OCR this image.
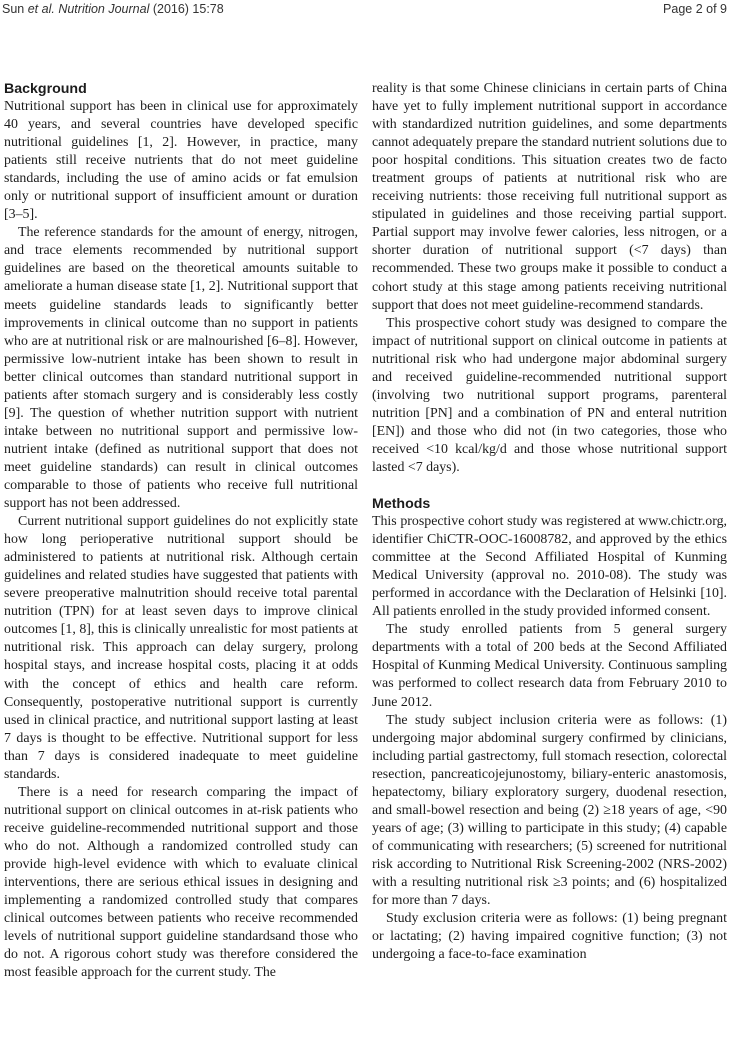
Sun et al. Nutrition Journal (2016) 15:78	Page 2 of 9
Background

Nutritional support has been in clinical use for approximately 40 years, and several countries have developed specific nutritional guidelines [1, 2]. However, in practice, many patients still receive nutrients that do not meet guideline standards, including the use of amino acids or fat emulsion only or nutritional support of insufficient amount or duration [3–5].

The reference standards for the amount of energy, nitrogen, and trace elements recommended by nutritional support guidelines are based on the theoretical amounts suitable to ameliorate a human disease state [1, 2]. Nutritional support that meets guideline standards leads to significantly better improvements in clinical outcome than no support in patients who are at nutritional risk or are malnourished [6–8]. However, permissive low-nutrient intake has been shown to result in better clinical outcomes than standard nutritional support in patients after stomach surgery and is considerably less costly [9]. The question of whether nutrition support with nutrient intake between no nutritional support and permissive low-nutrient intake (defined as nutritional support that does not meet guideline standards) can result in clinical outcomes comparable to those of patients who receive full nutritional support has not been addressed.

Current nutritional support guidelines do not explicitly state how long perioperative nutritional support should be administered to patients at nutritional risk. Although certain guidelines and related studies have suggested that patients with severe preoperative malnutrition should receive total parental nutrition (TPN) for at least seven days to improve clinical outcomes [1, 8], this is clinically unrealistic for most patients at nutritional risk. This approach can delay surgery, prolong hospital stays, and increase hospital costs, placing it at odds with the concept of ethics and health care reform. Consequently, postoperative nutritional support is currently used in clinical practice, and nutritional support lasting at least 7 days is thought to be effective. Nutritional support for less than 7 days is considered inadequate to meet guideline standards.

There is a need for research comparing the impact of nutritional support on clinical outcomes in at-risk patients who receive guideline-recommended nutritional support and those who do not. Although a randomized controlled study can provide high-level evidence with which to evaluate clinical interventions, there are serious ethical issues in designing and implementing a randomized controlled study that compares clinical outcomes between patients who receive recommended levels of nutritional support guideline standardsand those who do not. A rigorous cohort study was therefore considered the most feasible approach for the current study. The

reality is that some Chinese clinicians in certain parts of China have yet to fully implement nutritional support in accordance with standardized nutrition guidelines, and some departments cannot adequately prepare the standard nutrient solutions due to poor hospital conditions. This situation creates two de facto treatment groups of patients at nutritional risk who are receiving nutrients: those receiving full nutritional support as stipulated in guidelines and those receiving partial support. Partial support may involve fewer calories, less nitrogen, or a shorter duration of nutritional support (<7 days) than recommended. These two groups make it possible to conduct a cohort study at this stage among patients receiving nutritional support that does not meet guideline-recommend standards.

This prospective cohort study was designed to compare the impact of nutritional support on clinical outcome in patients at nutritional risk who had undergone major abdominal surgery and received guideline-recommended nutritional support (involving two nutritional support programs, parenteral nutrition [PN] and a combination of PN and enteral nutrition [EN]) and those who did not (in two categories, those who received <10 kcal/kg/d and those whose nutritional support lasted <7 days).

Methods

This prospective cohort study was registered at www.chictr.org, identifier ChiCTR-OOC-16008782, and approved by the ethics committee at the Second Affiliated Hospital of Kunming Medical University (approval no. 2010-08). The study was performed in accordance with the Declaration of Helsinki [10]. All patients enrolled in the study provided informed consent.

The study enrolled patients from 5 general surgery departments with a total of 200 beds at the Second Affiliated Hospital of Kunming Medical University. Continuous sampling was performed to collect research data from February 2010 to June 2012.

The study subject inclusion criteria were as follows: (1) undergoing major abdominal surgery confirmed by clinicians, including partial gastrectomy, full stomach resection, colorectal resection, pancreaticojejunostomy, biliary-enteric anastomosis, hepatectomy, biliary exploratory surgery, duodenal resection, and small-bowel resection and being (2) ≥18 years of age, <90 years of age; (3) willing to participate in this study; (4) capable of communicating with researchers; (5) screened for nutritional risk according to Nutritional Risk Screening-2002 (NRS-2002) with a resulting nutritional risk ≥3 points; and (6) hospitalized for more than 7 days.

Study exclusion criteria were as follows: (1) being pregnant or lactating; (2) having impaired cognitive function; (3) not undergoing a face-to-face examination
